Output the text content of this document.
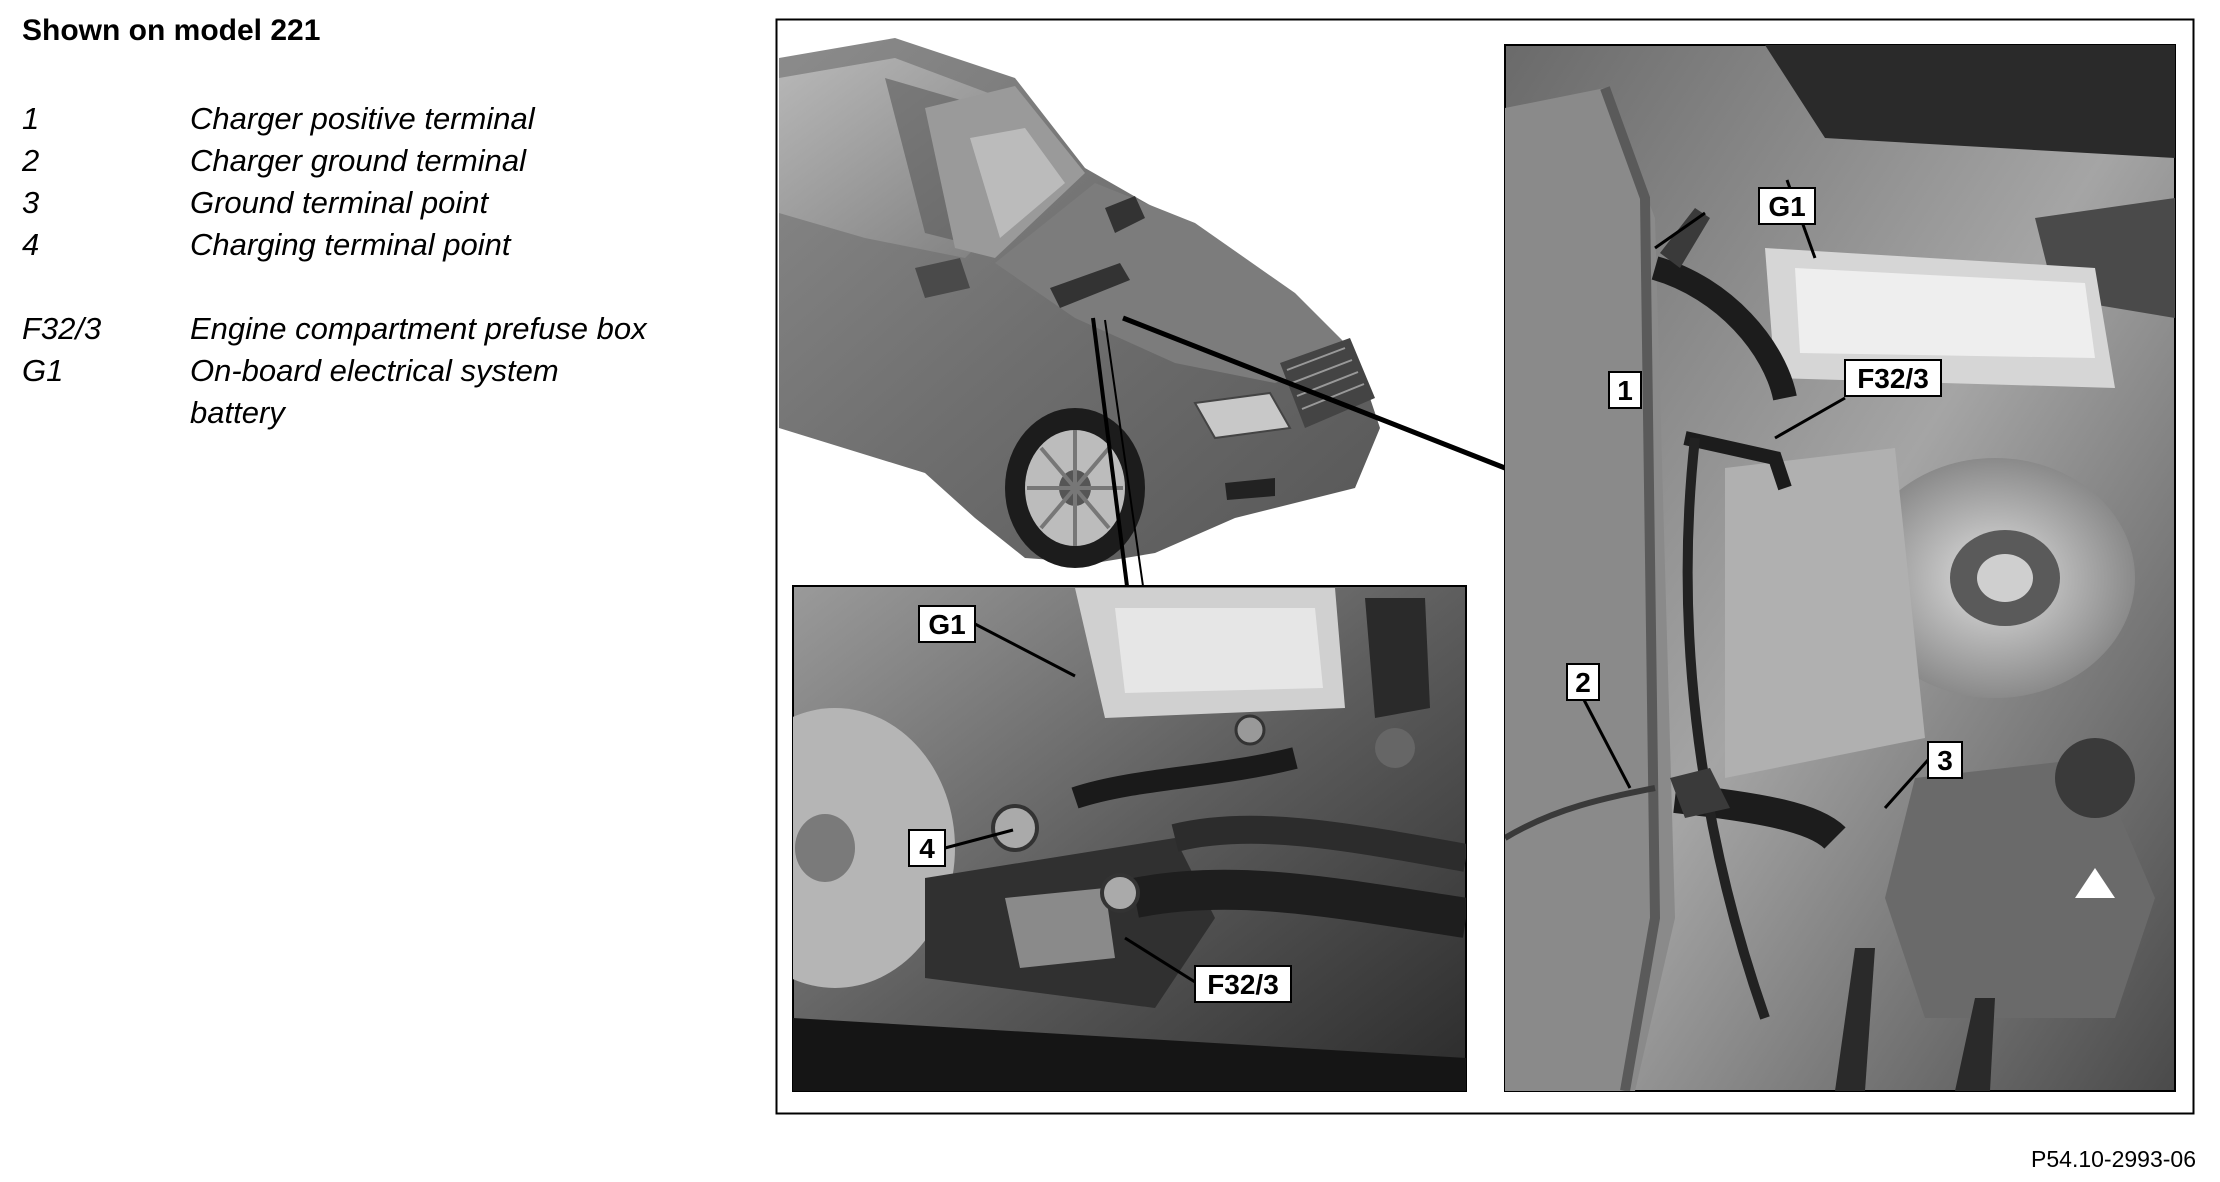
Shown on model 221
1	Charger positive terminal
2	Charger ground terminal
3	Ground terminal point
4	Charging terminal point
F32/3	Engine compartment prefuse box
G1	On-board electrical system battery
G1
4
F32/3
G1
1	F32/3
2
3
P54.10-2993-06
